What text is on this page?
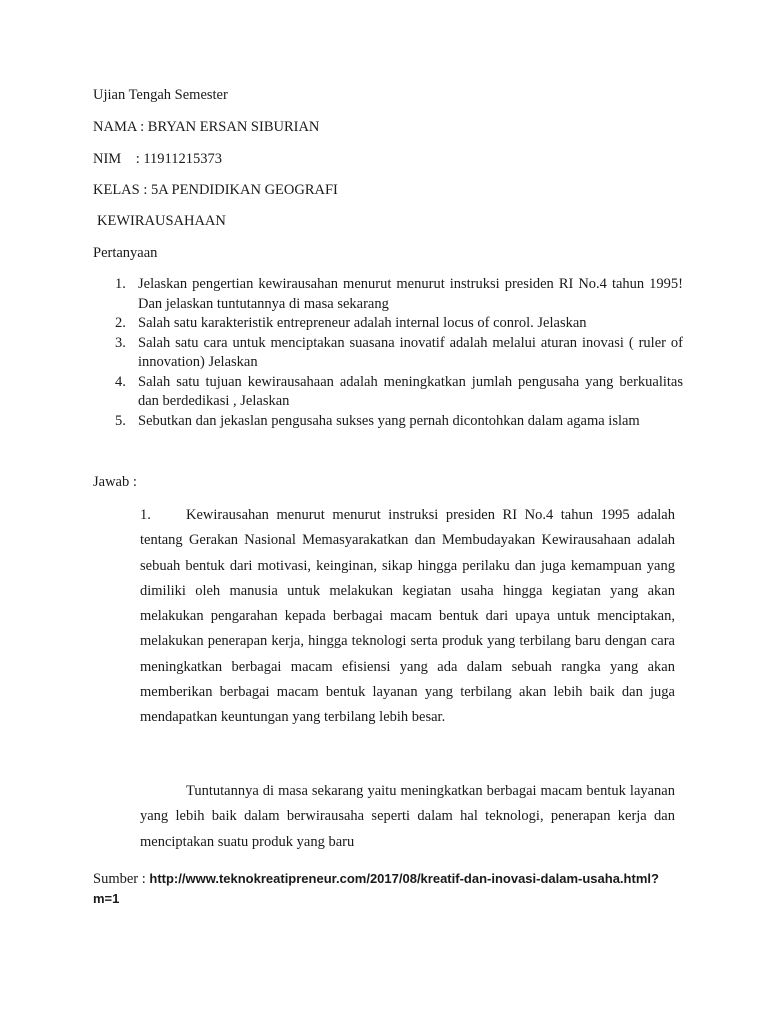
Ujian Tengah Semester
NAMA : BRYAN ERSAN SIBURIAN
NIM    : 11911215373
KELAS : 5A PENDIDIKAN GEOGRAFI
KEWIRAUSAHAAN
Pertanyaan
1. Jelaskan pengertian kewirausahan menurut menurut instruksi presiden RI No.4 tahun 1995! Dan jelaskan tuntutannya di masa sekarang
2. Salah satu karakteristik entrepreneur adalah internal locus of conrol. Jelaskan
3. Salah satu cara untuk menciptakan suasana inovatif adalah melalui aturan inovasi ( ruler of innovation) Jelaskan
4. Salah satu tujuan kewirausahaan adalah meningkatkan jumlah pengusaha yang berkualitas dan berdedikasi , Jelaskan
5. Sebutkan dan jekaslan pengusaha sukses yang pernah dicontohkan dalam agama islam
Jawab :
1. Kewirausahan menurut menurut instruksi presiden RI No.4 tahun 1995 adalah tentang Gerakan Nasional Memasyarakatkan dan Membudayakan Kewirausahaan adalah sebuah bentuk dari motivasi, keinginan, sikap hingga perilaku dan juga kemampuan yang dimiliki oleh manusia untuk melakukan kegiatan usaha hingga kegiatan yang akan melakukan pengarahan kepada berbagai macam bentuk dari upaya untuk menciptakan, melakukan penerapan kerja, hingga teknologi serta produk yang terbilang baru dengan cara meningkatkan berbagai macam efisiensi yang ada dalam sebuah rangka yang akan memberikan berbagai macam bentuk layanan yang terbilang akan lebih baik dan juga mendapatkan keuntungan yang terbilang lebih besar.
Tuntutannya di masa sekarang yaitu meningkatkan berbagai macam bentuk layanan yang lebih baik dalam berwirausaha seperti dalam hal teknologi, penerapan kerja dan menciptakan suatu produk yang baru
Sumber : http://www.teknokreatipreneur.com/2017/08/kreatif-dan-inovasi-dalam-usaha.html?m=1
